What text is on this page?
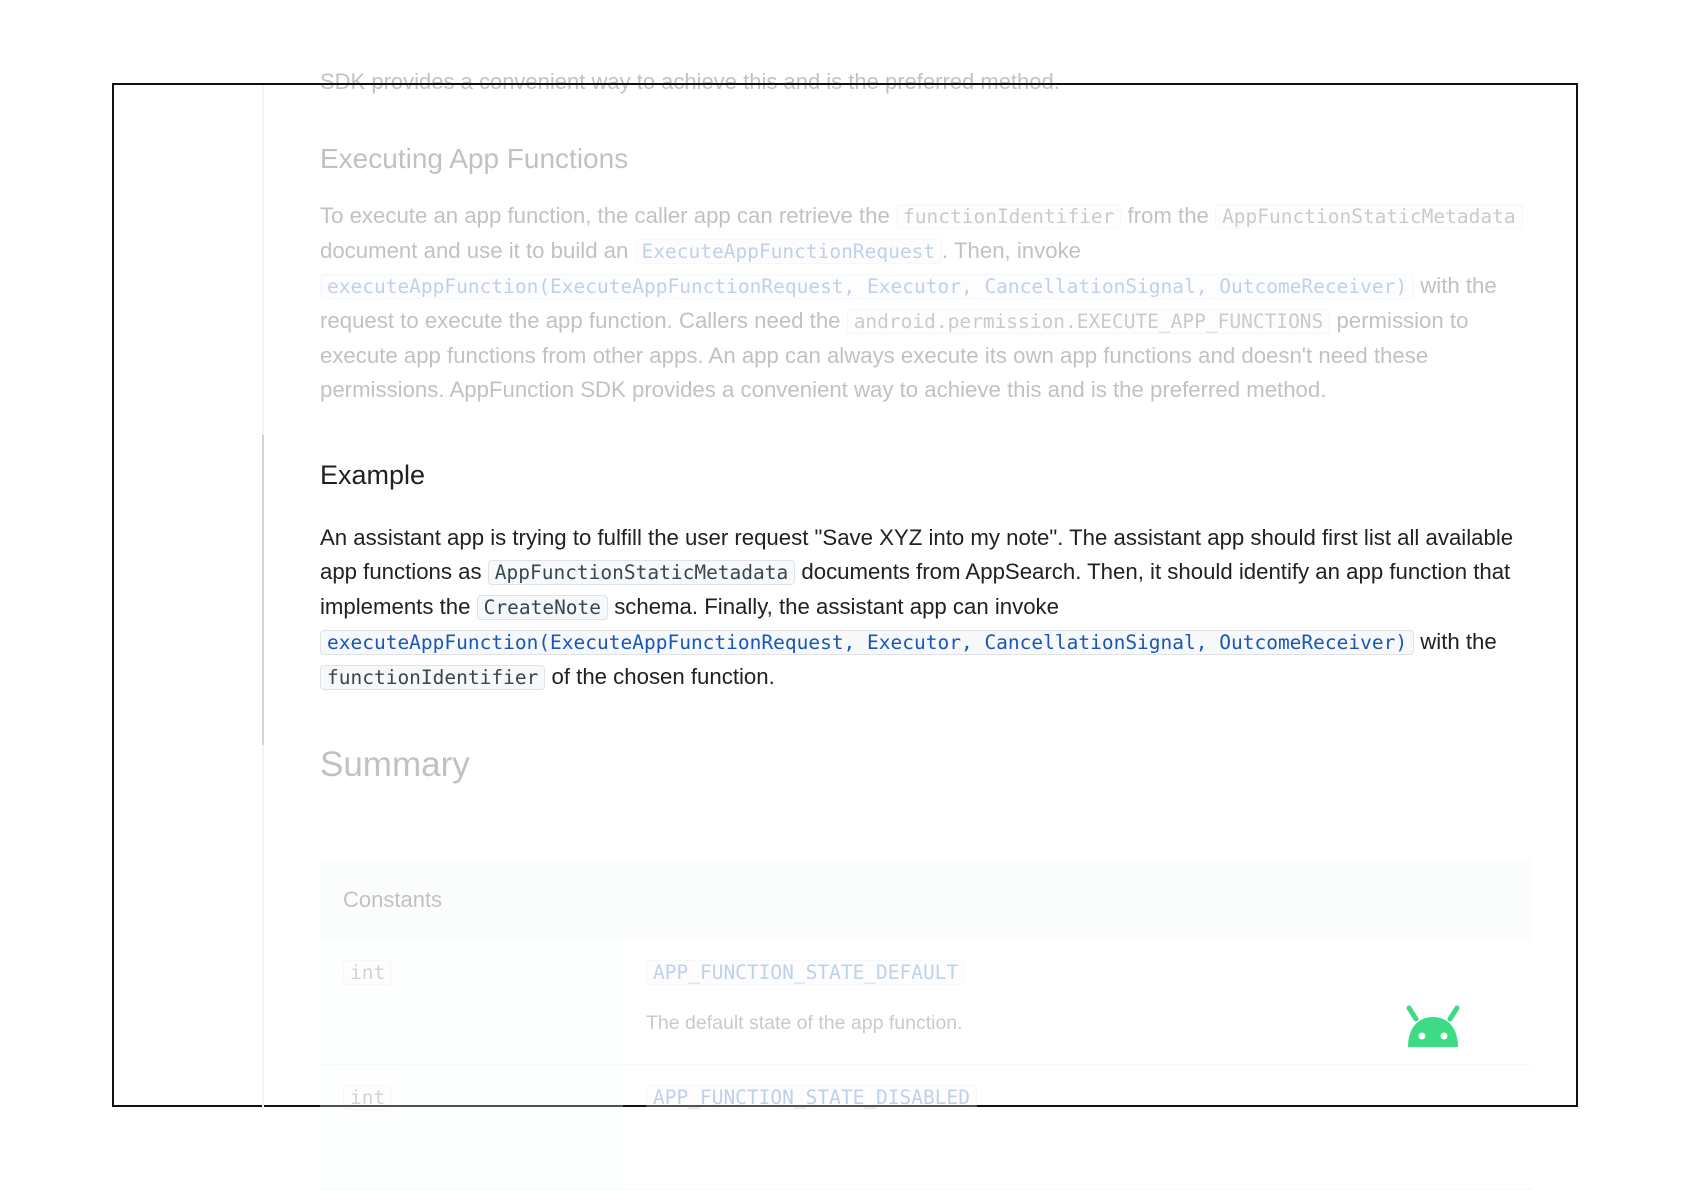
SDK provides a convenient way to achieve this and is the preferred method.
Executing App Functions

To execute an app function, the caller app can retrieve the functionIdentifier from the AppFunctionStaticMetadata document and use it to build an ExecuteAppFunctionRequest . Then, invoke executeAppFunction(ExecuteAppFunctionRequest, Executor, CancellationSignal, OutcomeReceiver) with the request to execute the app function. Callers need the android.permission.EXECUTE_APP_FUNCTIONS permission to execute app functions from other apps. An app can always execute its own app functions and doesn't need these permissions. AppFunction SDK provides a convenient way to achieve this and is the preferred method.

Example

An assistant app is trying to fulfill the user request "Save XYZ into my note". The assistant app should first list all available app functions as AppFunctionStaticMetadata documents from AppSearch. Then, it should identify an app function that implements the CreateNote schema. Finally, the assistant app can invoke executeAppFunction(ExecuteAppFunctionRequest, Executor, CancellationSignal, OutcomeReceiver) with the functionIdentifier of the chosen function.

Summary
Constants
int	APP_FUNCTION_STATE_DEFAULT
The default state of the app function.
int	APP_FUNCTION_STATE_DISABLED
